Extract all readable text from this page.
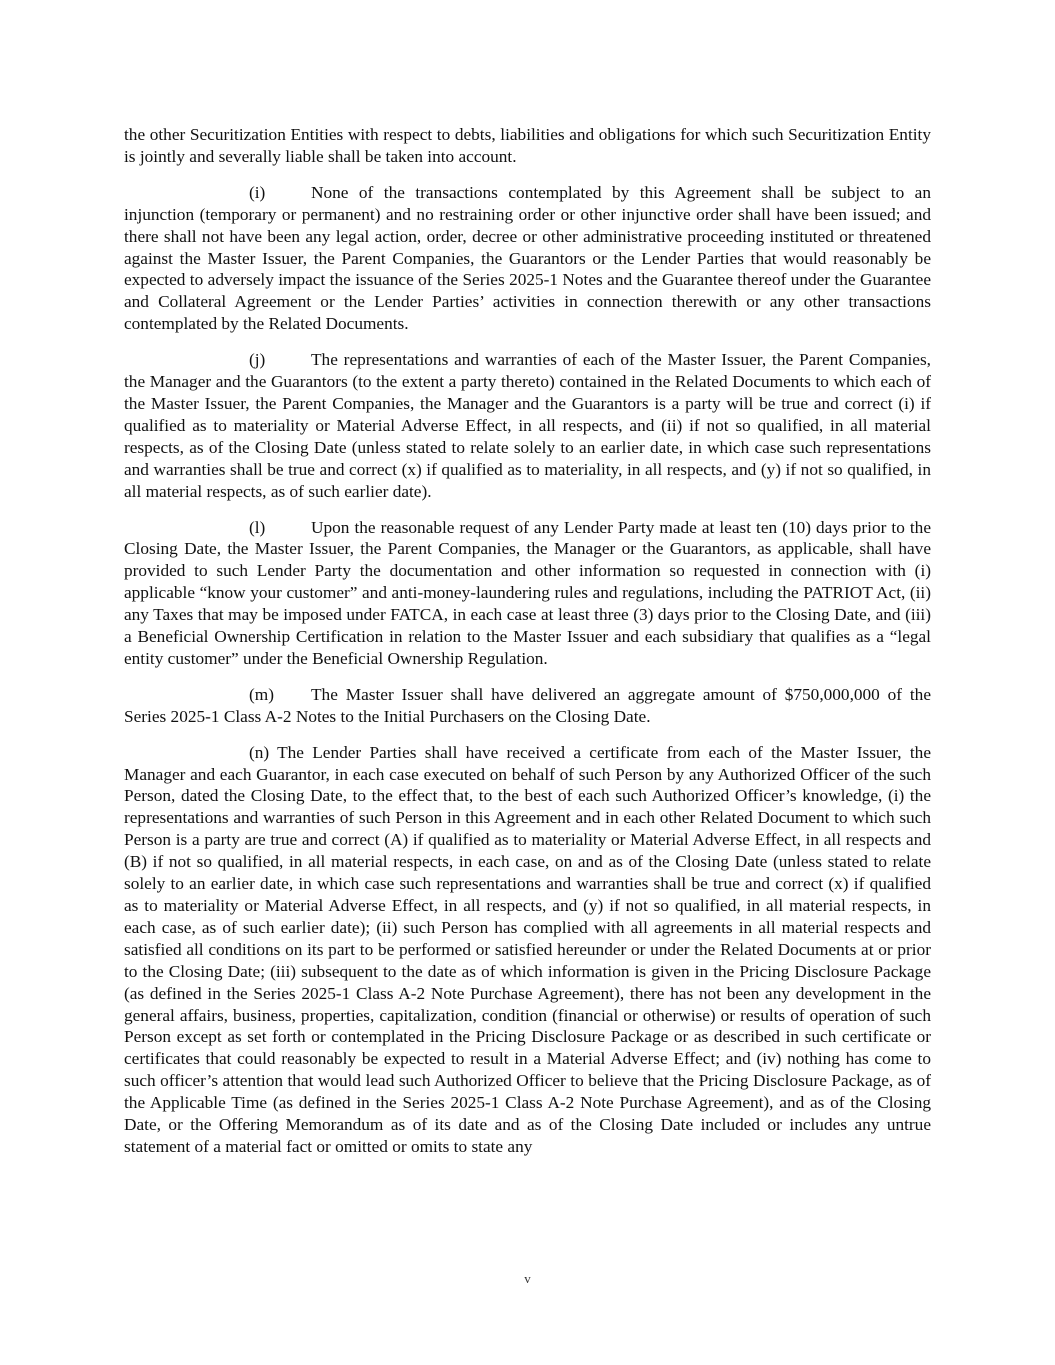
the other Securitization Entities with respect to debts, liabilities and obligations for which such Securitization Entity is jointly and severally liable shall be taken into account.

(i)	None of the transactions contemplated by this Agreement shall be subject to an injunction (temporary or permanent) and no restraining order or other injunctive order shall have been issued; and there shall not have been any legal action, order, decree or other administrative proceeding instituted or threatened against the Master Issuer, the Parent Companies, the Guarantors or the Lender Parties that would reasonably be expected to adversely impact the issuance of the Series 2025-1 Notes and the Guarantee thereof under the Guarantee and Collateral Agreement or the Lender Parties’ activities in connection therewith or any other transactions contemplated by the Related Documents.

(j)	The representations and warranties of each of the Master Issuer, the Parent Companies, the Manager and the Guarantors (to the extent a party thereto) contained in the Related Documents to which each of the Master Issuer, the Parent Companies, the Manager and the Guarantors is a party will be true and correct (i) if qualified as to materiality or Material Adverse Effect, in all respects, and (ii) if not so qualified, in all material respects, as of the Closing Date (unless stated to relate solely to an earlier date, in which case such representations and warranties shall be true and correct (x) if qualified as to materiality, in all respects, and (y) if not so qualified, in all material respects, as of such earlier date).

(l)	Upon the reasonable request of any Lender Party made at least ten (10) days prior to the Closing Date, the Master Issuer, the Parent Companies, the Manager or the Guarantors, as applicable, shall have provided to such Lender Party the documentation and other information so requested in connection with (i) applicable “know your customer” and anti-money-laundering rules and regulations, including the PATRIOT Act, (ii) any Taxes that may be imposed under FATCA, in each case at least three (3) days prior to the Closing Date, and (iii) a Beneficial Ownership Certification in relation to the Master Issuer and each subsidiary that qualifies as a “legal entity customer” under the Beneficial Ownership Regulation.

(m) The Master Issuer shall have delivered an aggregate amount of $750,000,000 of the Series 2025-1 Class A-2 Notes to the Initial Purchasers on the Closing Date.

(n) The Lender Parties shall have received a certificate from each of the Master Issuer, the Manager and each Guarantor, in each case executed on behalf of such Person by any Authorized Officer of the such Person, dated the Closing Date, to the effect that, to the best of each such Authorized Officer’s knowledge, (i) the representations and warranties of such Person in this Agreement and in each other Related Document to which such Person is a party are true and correct (A) if qualified as to materiality or Material Adverse Effect, in all respects and (B) if not so qualified, in all material respects, in each case, on and as of the Closing Date (unless stated to relate solely to an earlier date, in which case such representations and warranties shall be true and correct (x) if qualified as to materiality or Material Adverse Effect, in all respects, and (y) if not so qualified, in all material respects, in each case, as of such earlier date); (ii) such Person has complied with all agreements in all material respects and satisfied all conditions on its part to be performed or satisfied hereunder or under the Related Documents at or prior to the Closing Date; (iii) subsequent to the date as of which information is given in the Pricing Disclosure Package (as defined in the Series 2025-1 Class A-2 Note Purchase Agreement), there has not been any development in the general affairs, business, properties, capitalization, condition (financial or otherwise) or results of operation of such Person except as set forth or contemplated in the Pricing Disclosure Package or as described in such certificate or certificates that could reasonably be expected to result in a Material Adverse Effect; and (iv) nothing has come to such officer’s attention that would lead such Authorized Officer to believe that the Pricing Disclosure Package, as of the Applicable Time (as defined in the Series 2025-1 Class A-2 Note Purchase Agreement), and as of the Closing Date, or the Offering Memorandum as of its date and as of the Closing Date included or includes any untrue statement of a material fact or omitted or omits to state any

v
